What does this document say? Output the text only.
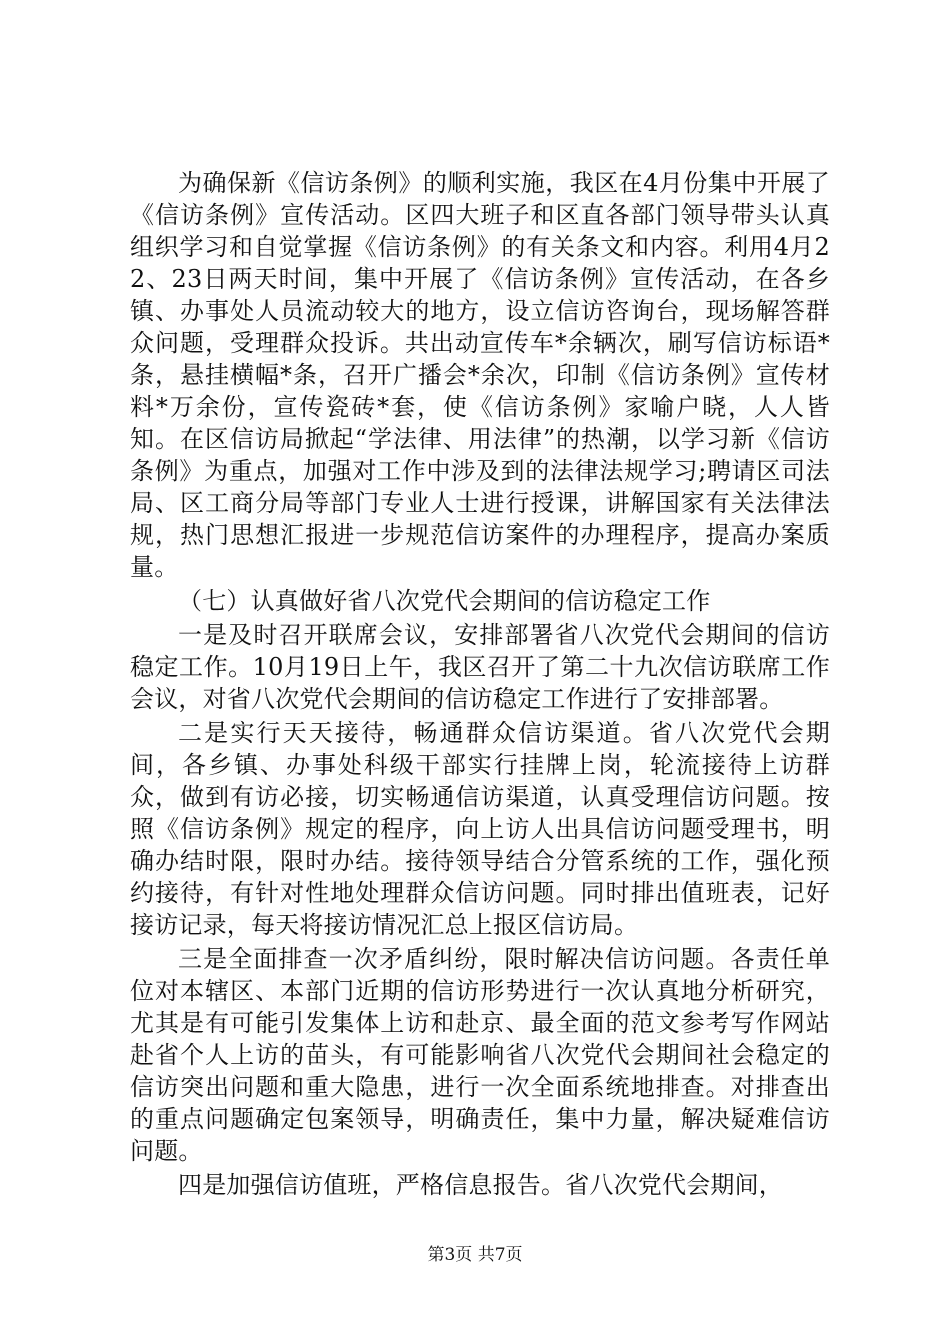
为确保新《信访条例》的顺利实施，我区在4月份集中开展了《信访条例》宣传活动。区四大班子和区直各部门领导带头认真组织学习和自觉掌握《信访条例》的有关条文和内容。利用4月22、23日两天时间，集中开展了《信访条例》宣传活动，在各乡镇、办事处人员流动较大的地方，设立信访咨询台，现场解答群众问题，受理群众投诉。共出动宣传车*余辆次，刷写信访标语*条，悬挂横幅*条，召开广播会*余次，印制《信访条例》宣传材料*万余份，宣传瓷砖*套，使《信访条例》家喻户晓，人人皆知。在区信访局掀起“学法律、用法律”的热潮，以学习新《信访条例》为重点，加强对工作中涉及到的法律法规学习;聘请区司法局、区工商分局等部门专业人士进行授课，讲解国家有关法律法规，热门思想汇报进一步规范信访案件的办理程序，提高办案质量。

（七）认真做好省八次党代会期间的信访稳定工作

一是及时召开联席会议，安排部署省八次党代会期间的信访稳定工作。10月19日上午，我区召开了第二十九次信访联席工作会议，对省八次党代会期间的信访稳定工作进行了安排部署。

二是实行天天接待，畅通群众信访渠道。省八次党代会期间，各乡镇、办事处科级干部实行挂牌上岗，轮流接待上访群众，做到有访必接，切实畅通信访渠道，认真受理信访问题。按照《信访条例》规定的程序，向上访人出具信访问题受理书，明确办结时限，限时办结。接待领导结合分管系统的工作，强化预约接待，有针对性地处理群众信访问题。同时排出值班表，记好接访记录，每天将接访情况汇总上报区信访局。

三是全面排查一次矛盾纠纷，限时解决信访问题。各责任单位对本辖区、本部门近期的信访形势进行一次认真地分析研究，尤其是有可能引发集体上访和赴京、最全面的范文参考写作网站赴省个人上访的苗头，有可能影响省八次党代会期间社会稳定的信访突出问题和重大隐患，进行一次全面系统地排查。对排查出的重点问题确定包案领导，明确责任，集中力量，解决疑难信访问题。

四是加强信访值班，严格信息报告。省八次党代会期间，

第3页 共7页
